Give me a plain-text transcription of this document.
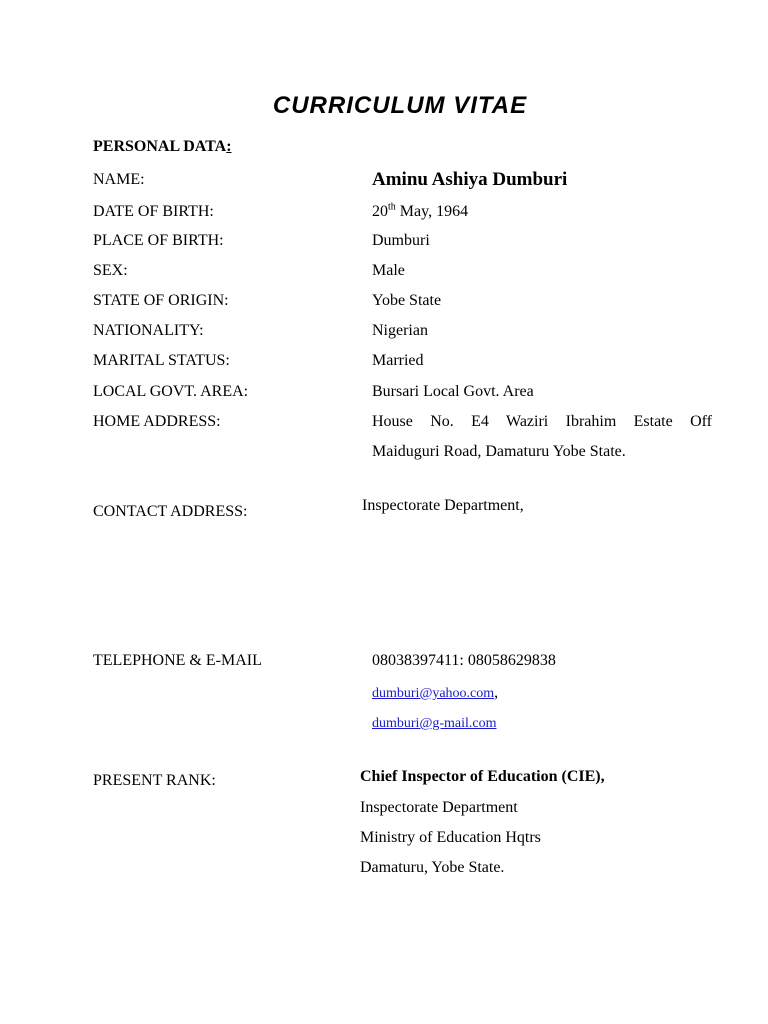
CURRICULUM VITAE
PERSONAL DATA:
NAME:	Aminu Ashiya Dumburi
DATE OF BIRTH:	20th May, 1964
PLACE OF BIRTH:	Dumburi
SEX:	Male
STATE OF ORIGIN:	Yobe State
NATIONALITY:	Nigerian
MARITAL STATUS:	Married
LOCAL GOVT. AREA:	Bursari Local Govt. Area
HOME ADDRESS:	House No. E4 Waziri Ibrahim Estate Off
Maiduguri Road, Damaturu Yobe State.
CONTACT ADDRESS:	Inspectorate Department,
TELEPHONE & E-MAIL	08038397411: 08058629838
dumburi@yahoo.com,
dumburi@g-mail.com
PRESENT RANK:	Chief Inspector of Education (CIE),
Inspectorate Department
Ministry of Education Hqtrs
Damaturu, Yobe State.
